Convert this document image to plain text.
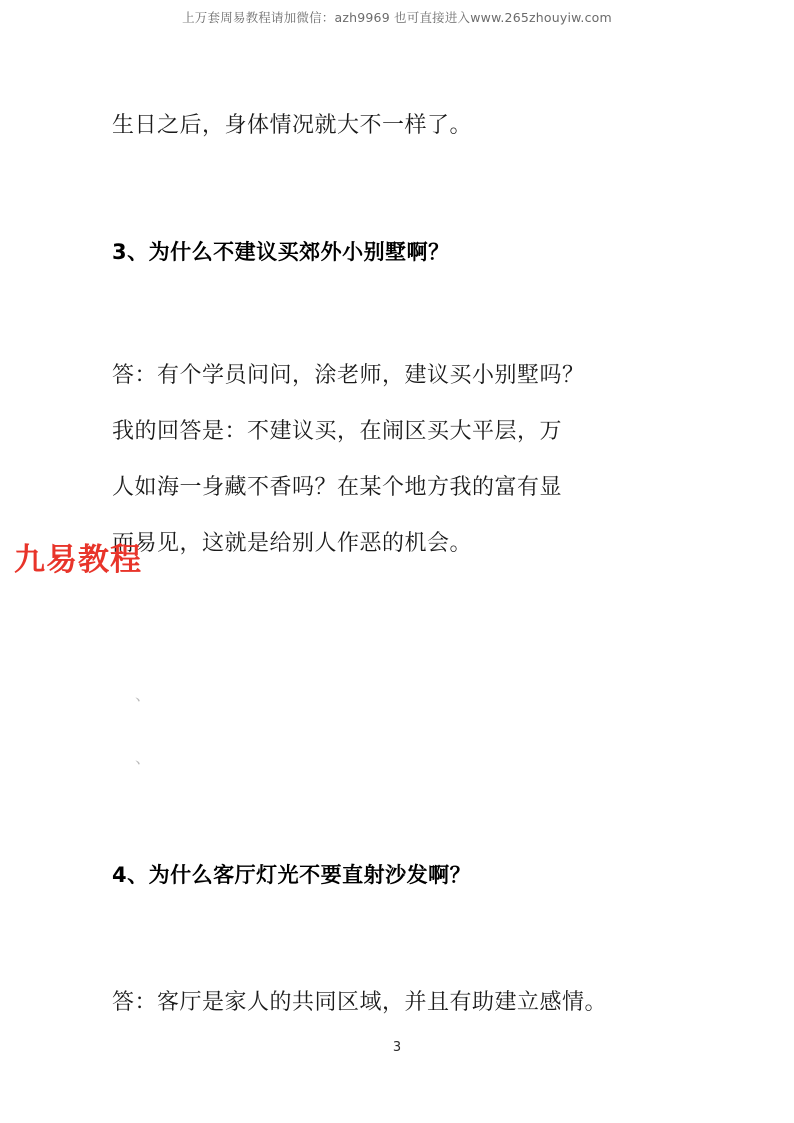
上万套周易教程请加微信：azh9969 也可直接进入www.265zhouyiw.com
生日之后，身体情况就大不一样了。
3、为什么不建议买郊外小别墅啊？
答：有个学员问问，涂老师，建议买小别墅吗？
我的回答是：不建议买，在闹区买大平层，万
人如海一身藏不香吗？在某个地方我的富有显
而易见，这就是给别人作恶的机会。
九易教程
、
、
4、为什么客厅灯光不要直射沙发啊？
答：客厅是家人的共同区域，并且有助建立感情。
3
